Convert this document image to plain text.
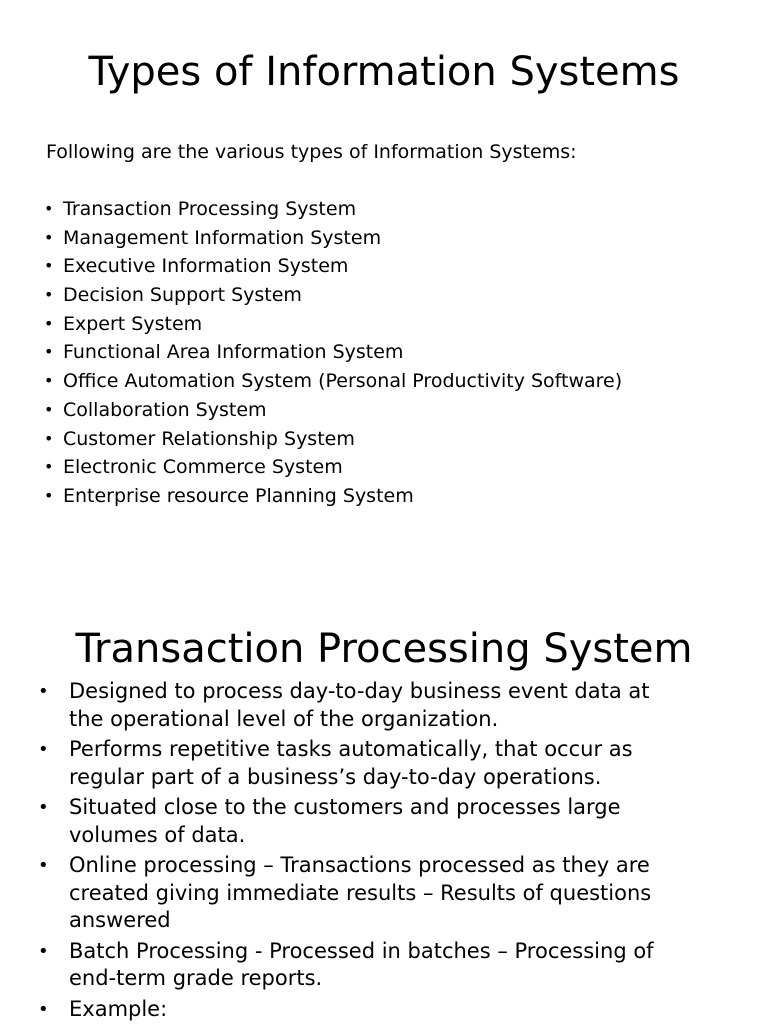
Types of Information Systems

Following are the various types of Information Systems:

• Transaction Processing System
• Management Information System
• Executive Information System
• Decision Support System
• Expert System
• Functional Area Information System
• Office Automation System (Personal Productivity Software)
• Collaboration System
• Customer Relationship System
• Electronic Commerce System
• Enterprise resource Planning System
Transaction Processing System
• Designed to process day-to-day business event data at
the operational level of the organization.
• Performs repetitive tasks automatically, that occur as
regular part of a business’s day-to-day operations.
• Situated close to the customers and processes large
volumes of data.
• Online processing – Transactions processed as they are
created giving immediate results – Results of questions
answered
• Batch Processing - Processed in batches – Processing of
end-term grade reports.
• Example:
